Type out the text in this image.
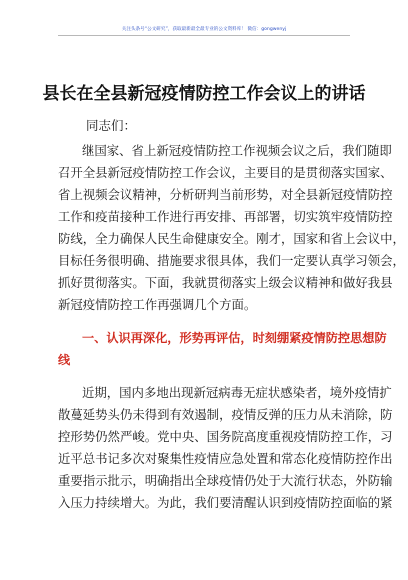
关注头条号“公文研究”，获取最新最全最专业的公文资料库！ 微信：gongwenyj
县长在全县新冠疫情防控工作会议上的讲话
同志们：
继国家、省上新冠疫情防控工作视频会议之后，我们随即
召开全县新冠疫情防控工作会议，主要目的是贯彻落实国家、
省上视频会议精神，分析研判当前形势，对全县新冠疫情防控
工作和疫苗接种工作进行再安排、再部署，切实筑牢疫情防控
防线，全力确保人民生命健康安全。刚才，国家和省上会议中，
目标任务很明确、措施要求很具体，我们一定要认真学习领会，
抓好贯彻落实。下面，我就贯彻落实上级会议精神和做好我县
新冠疫情防控工作再强调几个方面。
一、认识再深化，形势再评估，时刻绷紧疫情防控思想防
线
近期，国内多地出现新冠病毒无症状感染者，境外疫情扩
散蔓延势头仍未得到有效遏制，疫情反弹的压力从未消除，防
控形势仍然严峻。党中央、国务院高度重视疫情防控工作，习
近平总书记多次对聚集性疫情应急处置和常态化疫情防控作出
重要指示批示，明确指出全球疫情仍处于大流行状态，外防输
入压力持续增大。为此，我们要清醒认识到疫情防控面临的紧
